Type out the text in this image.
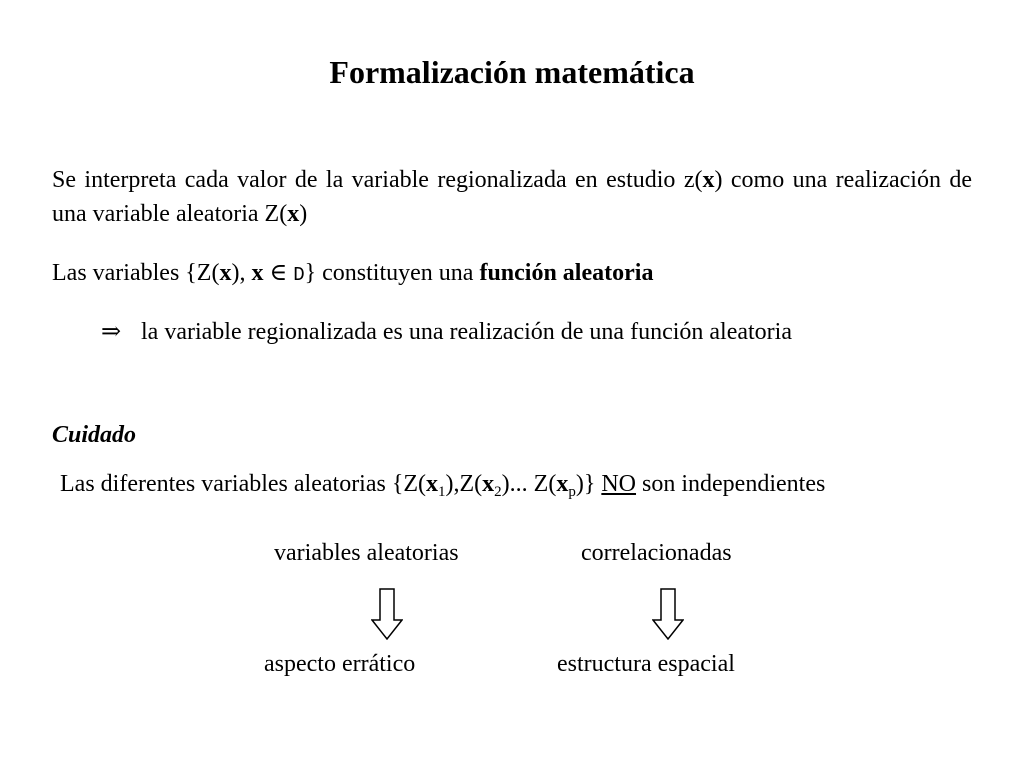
Formalización matemática

Se interpreta cada valor de la variable regionalizada en estudio z(x) como una realización de una variable aleatoria Z(x)

Las variables {Z(x), x ∈ D} constituyen una función aleatoria

⇒ la variable regionalizada es una realización de una función aleatoria

Cuidado

Las diferentes variables aleatorias {$Z(x_1),Z(x_2)$... $Z(x_p)$} NO son independientes

variables aleatorias	correlacionadas

aspecto errático	estructura espacial
